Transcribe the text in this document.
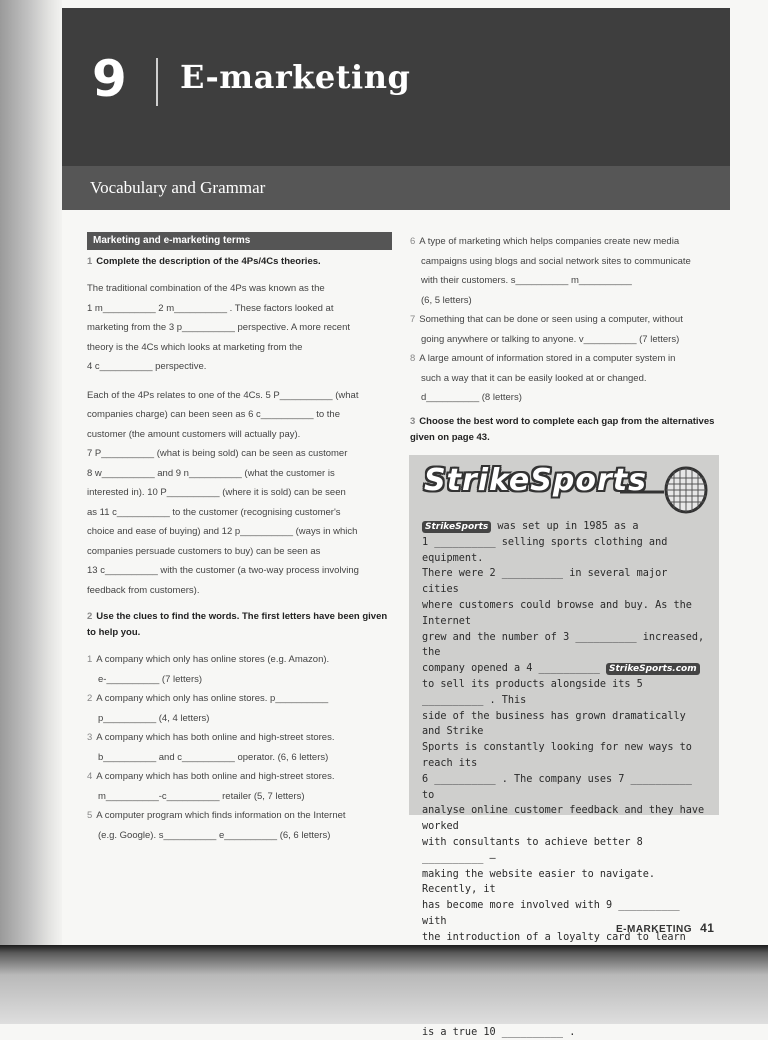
9 E-marketing
Vocabulary and Grammar
Marketing and e-marketing terms

1 Complete the description of the 4Ps/4Cs theories.

The traditional combination of the 4Ps was known as the

1 m__________ 2 m__________ . These factors looked at

marketing from the 3 p__________ perspective. A more recent

theory is the 4Cs which looks at marketing from the

4 c__________ perspective.

Each of the 4Ps relates to one of the 4Cs. 5 P__________ (what

companies charge) can been seen as 6 c__________ to the

customer (the amount customers will actually pay).

7 P__________ (what is being sold) can be seen as customer

8 w__________ and 9 n__________ (what the customer is

interested in). 10 P__________ (where it is sold) can be seen

as 11 c__________ to the customer (recognising customer's

choice and ease of buying) and 12 p__________ (ways in which

companies persuade customers to buy) can be seen as

13 c__________ with the customer (a two-way process involving

feedback from customers).

2 Use the clues to find the words. The first letters have been given to help you.

1 A company which only has online stores (e.g. Amazon).

e-__________ (7 letters)

2 A company which only has online stores. p__________

p__________ (4, 4 letters)

3 A company which has both online and high-street stores.

b__________ and c__________ operator. (6, 6 letters)

4 A company which has both online and high-street stores.

m__________-c__________ retailer (5, 7 letters)

5 A computer program which finds information on the Internet

(e.g. Google). s__________ e__________ (6, 6 letters)

6 A type of marketing which helps companies create new media

campaigns using blogs and social network sites to communicate

with their customers. s__________ m__________

(6, 5 letters)

7 Something that can be done or seen using a computer, without

going anywhere or talking to anyone. v__________ (7 letters)

8 A large amount of information stored in a computer system in

such a way that it can be easily looked at or changed.

d__________ (8 letters)

3 Choose the best word to complete each gap from the alternatives given on page 43.

StrikeSports

StrikeSports was set up in 1985 as a

1 __________ selling sports clothing and equipment.

There were 2 __________ in several major cities

where customers could browse and buy. As the Internet

grew and the number of 3 __________ increased, the

company opened a 4 __________ StrikeSports.com

to sell its products alongside its 5 __________ . This

side of the business has grown dramatically and Strike

Sports is constantly looking for new ways to reach its

6 __________ . The company uses 7 __________ to

analyse online customer feedback and they have worked

with consultants to achieve better 8 __________ –

making the website easier to navigate. Recently, it

has become more involved with 9 __________ with

the introduction of a loyalty card to learn

is a true 10 __________ .

E-MARKETING 41
